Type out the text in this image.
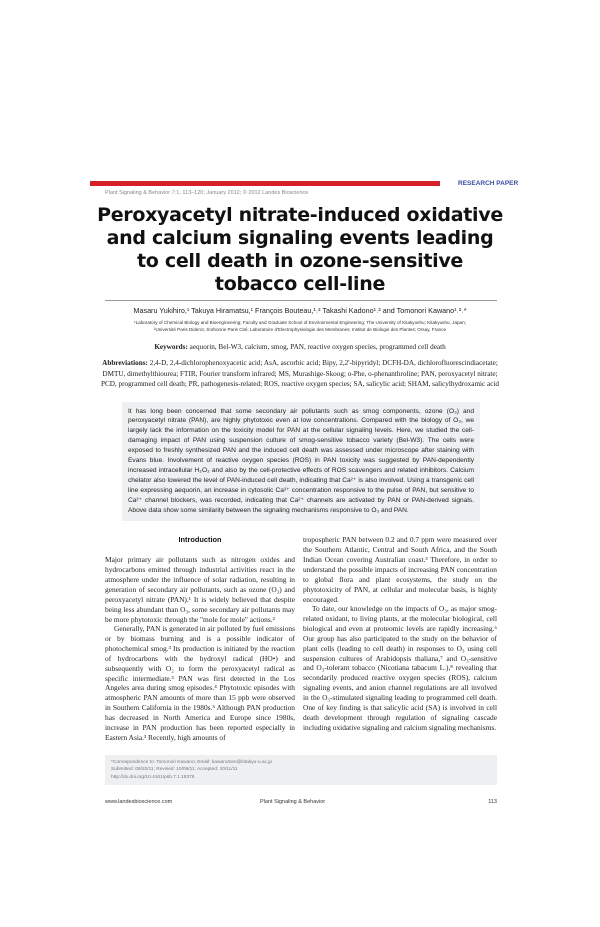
RESEARCH PAPER
Plant Signaling & Behavior 7:1, 113–120; January 2012; © 2012 Landes Bioscience
Peroxyacetyl nitrate-induced oxidative and calcium signaling events leading to cell death in ozone-sensitive tobacco cell-line
Masaru Yukihiro,¹ Takuya Hiramatsu,¹ François Bouteau,¹˒² Takashi Kadono¹˒² and Tomonori Kawano¹˒²˒*
¹Laboratory of Chemical Biology and Bioengineering; Faculty and Graduate School of Environmental Engineering; The University of Kitakyushu; Kitakyushu, Japan;
²Université Paris Diderot, Sorbonne Paris Cité; Laboratoire d'Electrophysiologie des Membranes; Institut de Biologie des Plantes; Orsay, France
Keywords: aequorin, Bel-W3, calcium, smog, PAN, reactive oxygen species, programmed cell death
Abbreviations: 2,4-D, 2,4-dichlorophenoxyacetic acid; AsA, ascorbic acid; Bipy, 2,2'-bipyridyl; DCFH-DA, dichlorofluorescindiacetate; DMTU, dimethylthiourea; FTIR, Fourier transform infrared; MS, Murashige-Skoog; o-Phe, o-phenanthroline; PAN, peroxyacetyl nitrate; PCD, programmed cell death; PR, pathogenesis-related; ROS, reactive oxygen species; SA, salicylic acid; SHAM, salicylhydroxamic acid
It has long been concerned that some secondary air pollutants such as smog components, ozone (O₃) and peroxyacetyl nitrate (PAN), are highly phytotoxic even at low concentrations. Compared with the biology of O₃, we largely lack the information on the toxicity model for PAN at the cellular signaling levels. Here, we studied the cell-damaging impact of PAN using suspension culture of smog-sensitive tobacco variety (Bel-W3). The cells were exposed to freshly synthesized PAN and the induced cell death was assessed under microscope after staining with Evans blue. Involvement of reactive oxygen species (ROS) in PAN toxicity was suggested by PAN-dependently increased intracellular H₂O₂ and also by the cell-protective effects of ROS scavengers and related inhibitors. Calcium chelator also lowered the level of PAN-induced cell death, indicating that Ca²⁺ is also involved. Using a transgenic cell line expressing aequorin, an increase in cytosolic Ca²⁺ concentration responsive to the pulse of PAN, but sensitive to Ca²⁺ channel blockers, was recorded, indicating that Ca²⁺ channels are activated by PAN or PAN-derived signals. Above data show some similarity between the signaling mechanisms responsive to O₃ and PAN.
Introduction

Major primary air pollutants such as nitrogen oxides and hydrocarbons emitted through industrial activities react in the atmosphere under the influence of solar radiation, resulting in generation of secondary air pollutants, such as ozone (O₃) and peroxyacetyl nitrate (PAN).¹ It is widely believed that despite being less abundant than O₃, some secondary air pollutants may be more phytotoxic through the "mole for mole" actions.²

Generally, PAN is generated in air polluted by fuel emissions or by biomass burning and is a possible indicator of photochemical smog.³ Its production is initiated by the reaction of hydrocarbons with the hydroxyl radical (HO•) and subsequently with O₂ to form the peroxyacetyl radical as specific intermediate.³ PAN was first detected in the Los Angeles area during smog episodes.⁴ Phytotoxic episodes with atmospheric PAN amounts of more than 15 ppb were observed in Southern California in the 1980s.⁵ Although PAN production has decreased in North America and Europe since 1980s, increase in PAN production has been reported especially in Eastern Asia.³ Recently, high amounts of

tropospheric PAN between 0.2 and 0.7 ppm were measured over the Southern Atlantic, Central and South Africa, and the South Indian Ocean covering Australian coast.³ Therefore, in order to understand the possible impacts of increasing PAN concentration to global flora and plant ecosystems, the study on the phytotoxicity of PAN, at cellular and molecular basis, is highly encouraged.

To date, our knowledge on the impacts of O₃, as major smog-related oxidant, to living plants, at the molecular biological, cell biological and even at proteomic levels are rapidly increasing.⁶ Our group has also participated to the study on the behavior of plant cells (leading to cell death) in responses to O₃ using cell suspension cultures of Arabidopsis thaliana,⁷ and O₃-sensitive and O₃-tolerant tobacco (Nicotiana tabacum L.),⁸ revealing that secondarily produced reactive oxygen species (ROS), calcium signaling events, and anion channel regulations are all involved in the O₃-stimulated signaling leading to programmed cell death. One of key finding is that salicylic acid (SA) is involved in cell death development through regulation of signaling cascade including oxidative signaling and calcium signaling mechanisms.

*Correspondence to: Tomonori Kawano; Email: kawanotom@kitakyu-u.ac.jp
Submitted: 09/20/11; Revised: 10/09/11; Accepted: 10/11/11
http://dx.doi.org/10.4161/psb.7.1.18376
www.landesbioscience.com	Plant Signaling & Behavior	113
